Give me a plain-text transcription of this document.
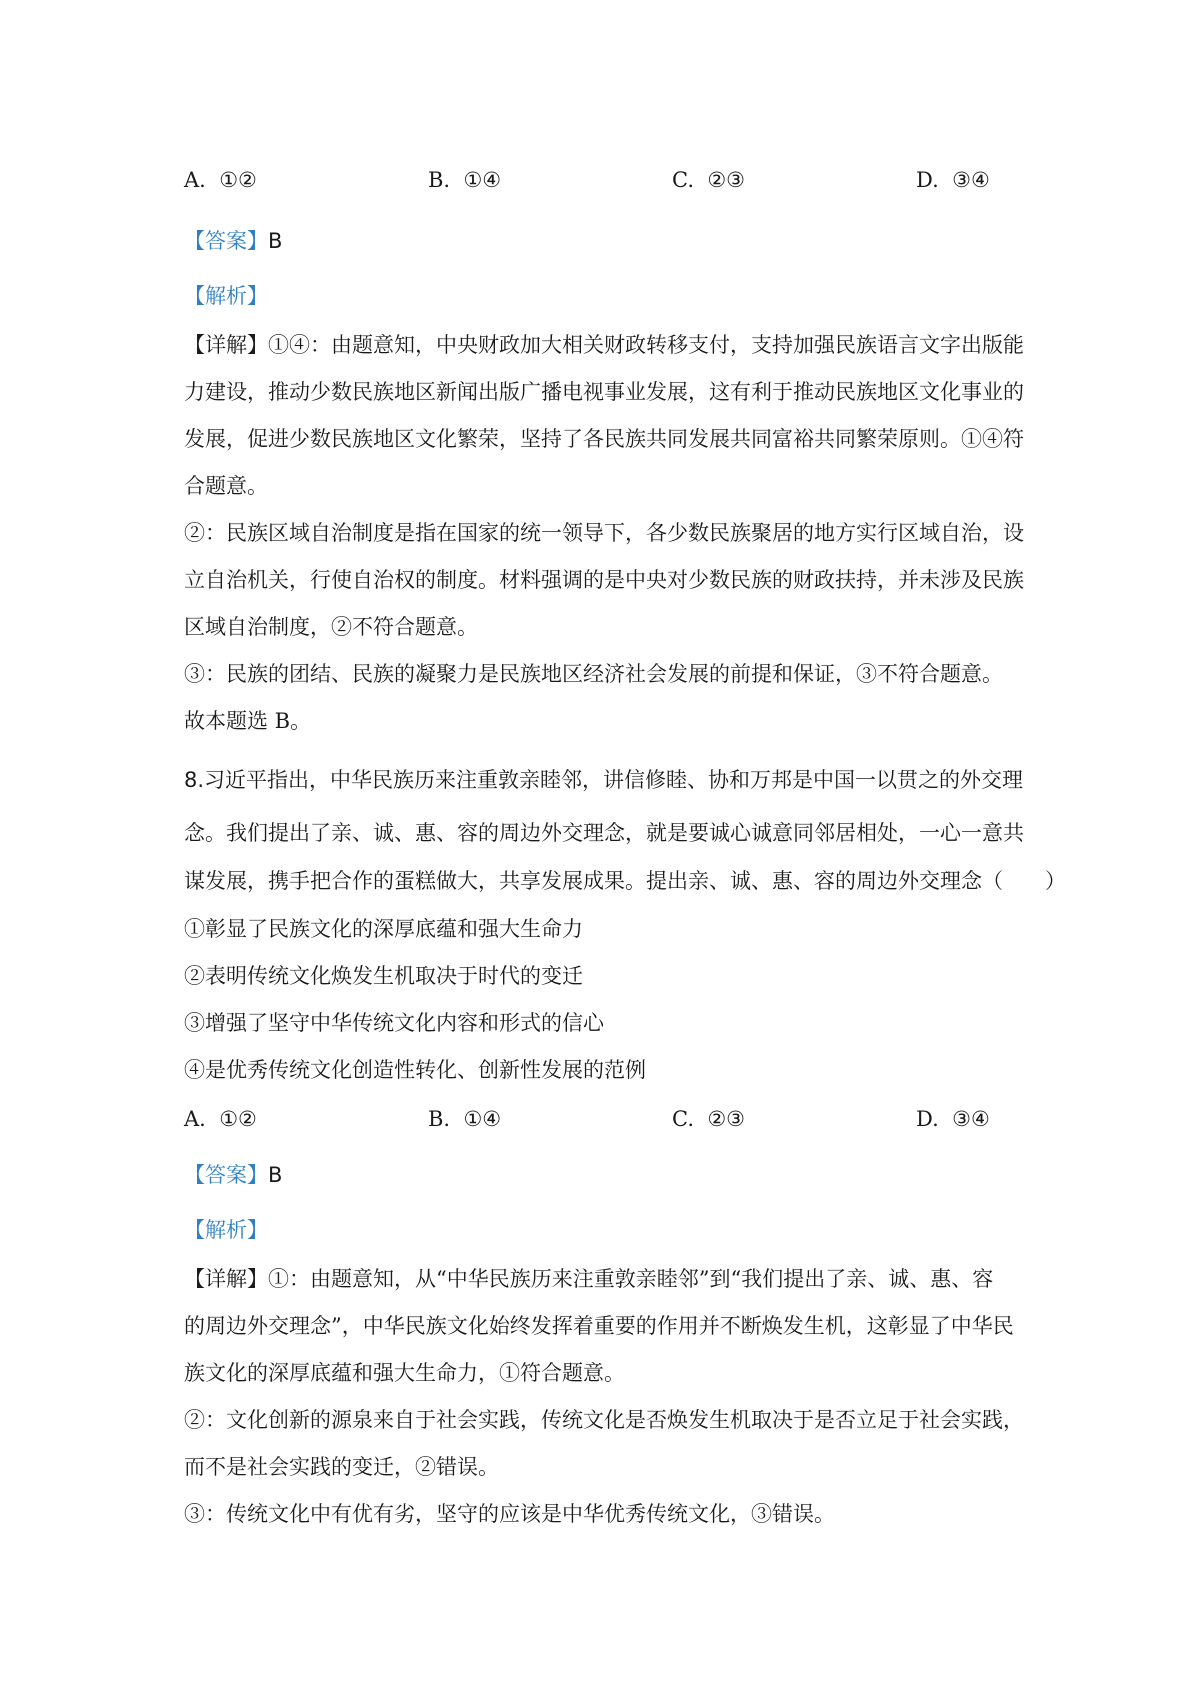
A. ①②	B. ①④	C. ②③	D. ③④
【答案】B
【解析】
【详解】①④：由题意知，中央财政加大相关财政转移支付，支持加强民族语言文字出版能
力建设，推动少数民族地区新闻出版广播电视事业发展，这有利于推动民族地区文化事业的
发展，促进少数民族地区文化繁荣，坚持了各民族共同发展共同富裕共同繁荣原则。①④符
合题意。
②：民族区域自治制度是指在国家的统一领导下，各少数民族聚居的地方实行区域自治，设
立自治机关，行使自治权的制度。材料强调的是中央对少数民族的财政扶持，并未涉及民族
区域自治制度，②不符合题意。
③：民族的团结、民族的凝聚力是民族地区经济社会发展的前提和保证，③不符合题意。
故本题选 B。
8.习近平指出，中华民族历来注重敦亲睦邻，讲信修睦、协和万邦是中国一以贯之的外交理
念。我们提出了亲、诚、惠、容的周边外交理念，就是要诚心诚意同邻居相处，一心一意共
谋发展，携手把合作的蛋糕做大，共享发展成果。提出亲、诚、惠、容的周边外交理念（　　）
①彰显了民族文化的深厚底蕴和强大生命力
②表明传统文化焕发生机取决于时代的变迁
③增强了坚守中华传统文化内容和形式的信心
④是优秀传统文化创造性转化、创新性发展的范例
A. ①②	B. ①④	C. ②③	D. ③④
【答案】B
【解析】
【详解】①：由题意知，从“中华民族历来注重敦亲睦邻”到“我们提出了亲、诚、惠、容
的周边外交理念”，中华民族文化始终发挥着重要的作用并不断焕发生机，这彰显了中华民
族文化的深厚底蕴和强大生命力，①符合题意。
②：文化创新的源泉来自于社会实践，传统文化是否焕发生机取决于是否立足于社会实践，
而不是社会实践的变迁，②错误。
③：传统文化中有优有劣，坚守的应该是中华优秀传统文化，③错误。
